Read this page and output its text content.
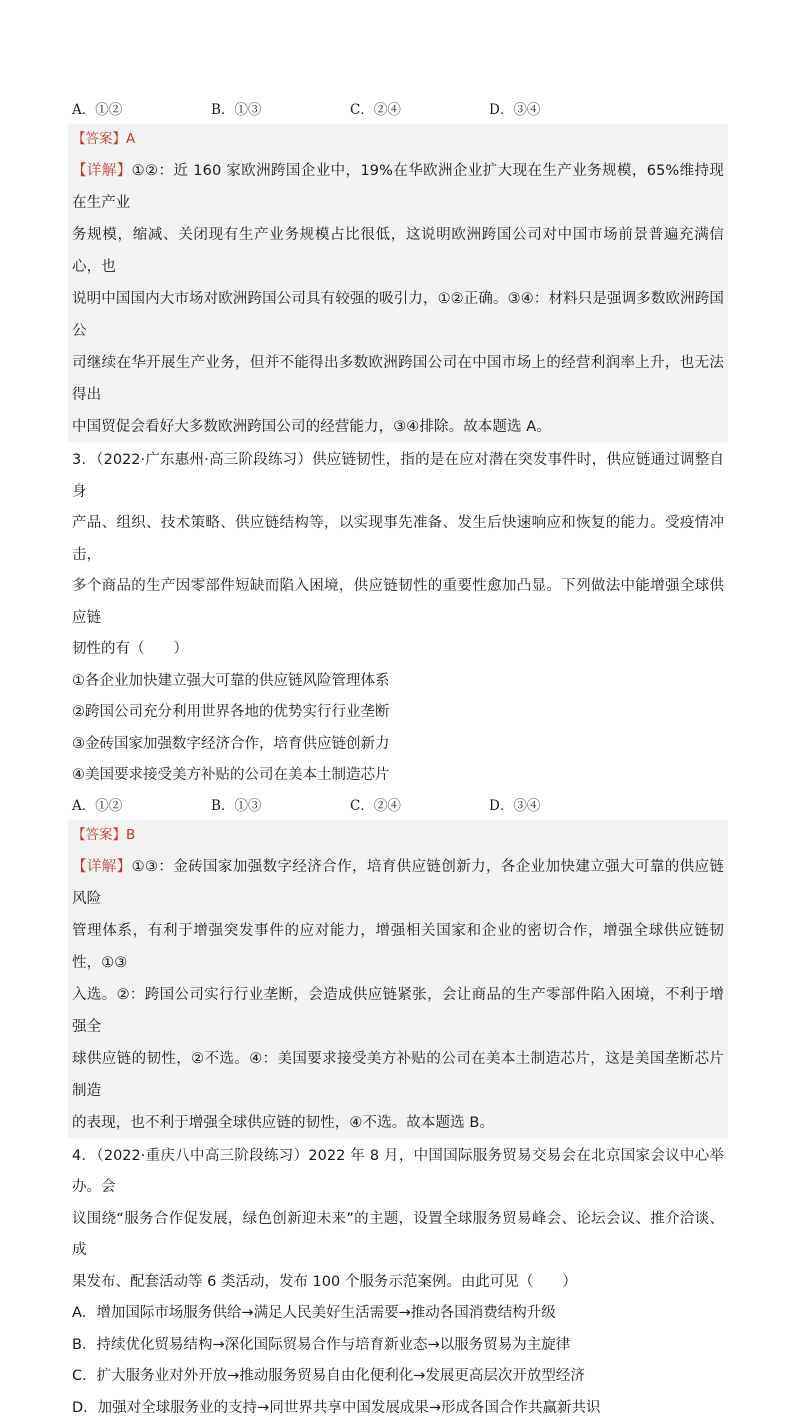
A．①②	B．①③	C．②④	D．③④
【答案】A
【详解】①②：近 160 家欧洲跨国企业中，19%在华欧洲企业扩大现在生产业务规模，65%维持现在生产业
务规模，缩减、关闭现有生产业务规模占比很低，这说明欧洲跨国公司对中国市场前景普遍充满信心，也
说明中国国内大市场对欧洲跨国公司具有较强的吸引力，①②正确。③④：材料只是强调多数欧洲跨国公
司继续在华开展生产业务，但并不能得出多数欧洲跨国公司在中国市场上的经营利润率上升，也无法得出
中国贸促会看好大多数欧洲跨国公司的经营能力，③④排除。故本题选 A。
3．（2022·广东惠州·高三阶段练习）供应链韧性，指的是在应对潜在突发事件时，供应链通过调整自身
产品、组织、技术策略、供应链结构等，以实现事先准备、发生后快速响应和恢复的能力。受疫情冲击，
多个商品的生产因零部件短缺而陷入困境，供应链韧性的重要性愈加凸显。下列做法中能增强全球供应链
韧性的有（　　）
①各企业加快建立强大可靠的供应链风险管理体系
②跨国公司充分利用世界各地的优势实行行业垄断
③金砖国家加强数字经济合作，培育供应链创新力
④美国要求接受美方补贴的公司在美本土制造芯片
A．①②	B．①③	C．②④	D．③④
【答案】B
【详解】①③：金砖国家加强数字经济合作，培育供应链创新力，各企业加快建立强大可靠的供应链风险
管理体系，有利于增强突发事件的应对能力，增强相关国家和企业的密切合作，增强全球供应链韧性，①③
入选。②：跨国公司实行行业垄断，会造成供应链紧张，会让商品的生产零部件陷入困境，不利于增强全
球供应链的韧性，②不选。④：美国要求接受美方补贴的公司在美本土制造芯片，这是美国垄断芯片制造
的表现，也不利于增强全球供应链的韧性，④不选。故本题选 B。
4．（2022·重庆八中高三阶段练习）2022 年 8 月，中国国际服务贸易交易会在北京国家会议中心举办。会
议围绕“服务合作促发展，绿色创新迎未来”的主题，设置全球服务贸易峰会、论坛会议、推介洽谈、成
果发布、配套活动等 6 类活动，发布 100 个服务示范案例。由此可见（　　）
A．增加国际市场服务供给→满足人民美好生活需要→推动各国消费结构升级
B．持续优化贸易结构→深化国际贸易合作与培育新业态→以服务贸易为主旋律
C．扩大服务业对外开放→推动服务贸易自由化便利化→发展更高层次开放型经济
D．加强对全球服务业的支持→同世界共享中国发展成果→形成各国合作共赢新共识
